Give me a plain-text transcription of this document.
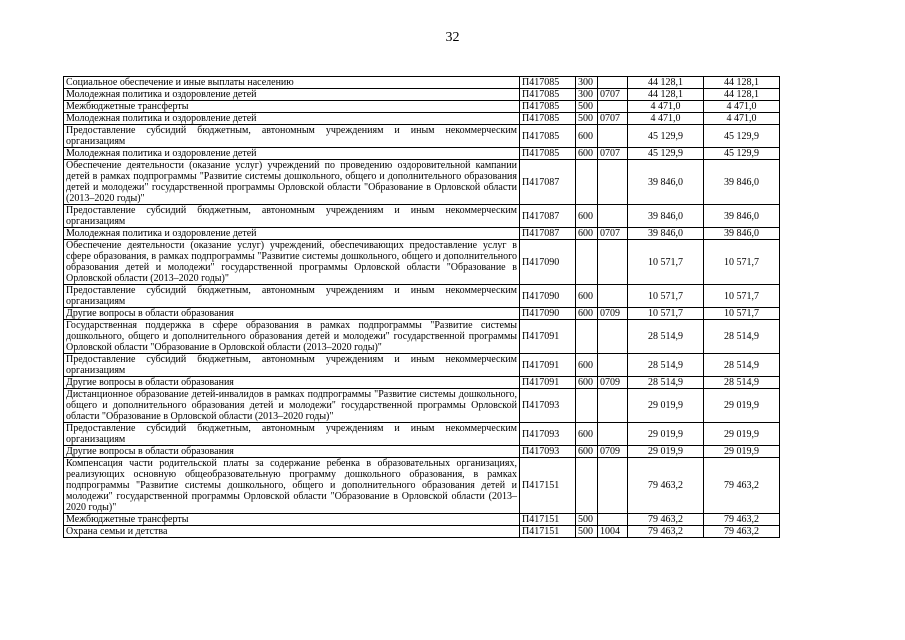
32
Социальное обеспечение и иные выплаты населению	П417085	300		44 128,1	44 128,1
Молодежная политика и оздоровление детей	П417085	300	0707	44 128,1	44 128,1
Межбюджетные трансферты	П417085	500		4 471,0	4 471,0
Молодежная политика и оздоровление детей	П417085	500	0707	4 471,0	4 471,0
Предоставление субсидий бюджетным, автономным учреждениям и иным некоммерческим организациям	П417085	600		45 129,9	45 129,9
Молодежная политика и оздоровление детей	П417085	600	0707	45 129,9	45 129,9
Обеспечение деятельности (оказание услуг) учреждений по проведению оздоровительной кампании детей в рамках подпрограммы "Развитие системы дошкольного, общего и дополнительного образования детей и молодежи" государственной программы Орловской области "Образование в Орловской области (2013–2020 годы)"	П417087			39 846,0	39 846,0
Предоставление субсидий бюджетным, автономным учреждениям и иным некоммерческим организациям	П417087	600		39 846,0	39 846,0
Молодежная политика и оздоровление детей	П417087	600	0707	39 846,0	39 846,0
Обеспечение деятельности (оказание услуг) учреждений, обеспечивающих предоставление услуг в сфере образования, в рамках подпрограммы "Развитие системы дошкольного, общего и дополнительного образования детей и молодежи" государственной программы Орловской области "Образование в Орловской области (2013–2020 годы)"	П417090			10 571,7	10 571,7
Предоставление субсидий бюджетным, автономным учреждениям и иным некоммерческим организациям	П417090	600		10 571,7	10 571,7
Другие вопросы в области образования	П417090	600	0709	10 571,7	10 571,7
Государственная поддержка в сфере образования в рамках подпрограммы "Развитие системы дошкольного, общего и дополнительного образования детей и молодежи" государственной программы Орловской области "Образование в Орловской области (2013–2020 годы)"	П417091			28 514,9	28 514,9
Предоставление субсидий бюджетным, автономным учреждениям и иным некоммерческим организациям	П417091	600		28 514,9	28 514,9
Другие вопросы в области образования	П417091	600	0709	28 514,9	28 514,9
Дистанционное образование детей-инвалидов в рамках подпрограммы "Развитие системы дошкольного, общего и дополнительного образования детей и молодежи" государственной программы Орловской области "Образование в Орловской области (2013–2020 годы)"	П417093			29 019,9	29 019,9
Предоставление субсидий бюджетным, автономным учреждениям и иным некоммерческим организациям	П417093	600		29 019,9	29 019,9
Другие вопросы в области образования	П417093	600	0709	29 019,9	29 019,9
Компенсация части родительской платы за содержание ребенка в образовательных организациях, реализующих основную общеобразовательную программу дошкольного образования, в рамках подпрограммы "Развитие системы дошкольного, общего и дополнительного образования детей и молодежи" государственной программы Орловской области "Образование в Орловской области (2013–2020 годы)"	П417151			79 463,2	79 463,2
Межбюджетные трансферты	П417151	500		79 463,2	79 463,2
Охрана семьи и детства	П417151	500	1004	79 463,2	79 463,2
